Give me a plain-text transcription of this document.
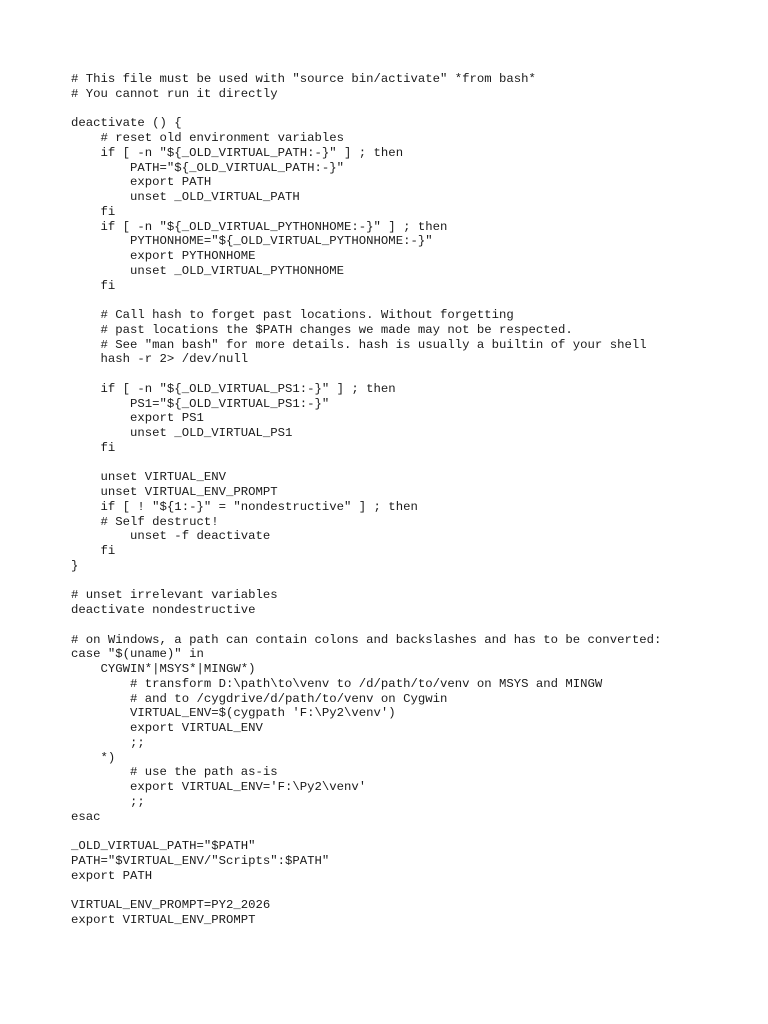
# This file must be used with "source bin/activate" *from bash*
# You cannot run it directly
deactivate () {
# reset old environment variables
if [ -n "${_OLD_VIRTUAL_PATH:-}" ] ; then
PATH="${_OLD_VIRTUAL_PATH:-}"
export PATH
unset _OLD_VIRTUAL_PATH
fi
if [ -n "${_OLD_VIRTUAL_PYTHONHOME:-}" ] ; then
PYTHONHOME="${_OLD_VIRTUAL_PYTHONHOME:-}"
export PYTHONHOME
unset _OLD_VIRTUAL_PYTHONHOME
fi
# Call hash to forget past locations. Without forgetting
# past locations the $PATH changes we made may not be respected.
# See "man bash" for more details. hash is usually a builtin of your shell
hash -r 2> /dev/null
if [ -n "${_OLD_VIRTUAL_PS1:-}" ] ; then
PS1="${_OLD_VIRTUAL_PS1:-}"
export PS1
unset _OLD_VIRTUAL_PS1
fi
unset VIRTUAL_ENV
unset VIRTUAL_ENV_PROMPT
if [ ! "${1:-}" = "nondestructive" ] ; then
# Self destruct!
unset -f deactivate
fi
}
# unset irrelevant variables
deactivate nondestructive
# on Windows, a path can contain colons and backslashes and has to be converted:
case "$(uname)" in
CYGWIN*|MSYS*|MINGW*)
# transform D:\path\to\venv to /d/path/to/venv on MSYS and MINGW
# and to /cygdrive/d/path/to/venv on Cygwin
VIRTUAL_ENV=$(cygpath 'F:\Py2\venv')
export VIRTUAL_ENV
;;
*)
# use the path as-is
export VIRTUAL_ENV='F:\Py2\venv'
;;
esac
_OLD_VIRTUAL_PATH="$PATH"
PATH="$VIRTUAL_ENV/"Scripts":$PATH"
export PATH
VIRTUAL_ENV_PROMPT=PY2_2026
export VIRTUAL_ENV_PROMPT
